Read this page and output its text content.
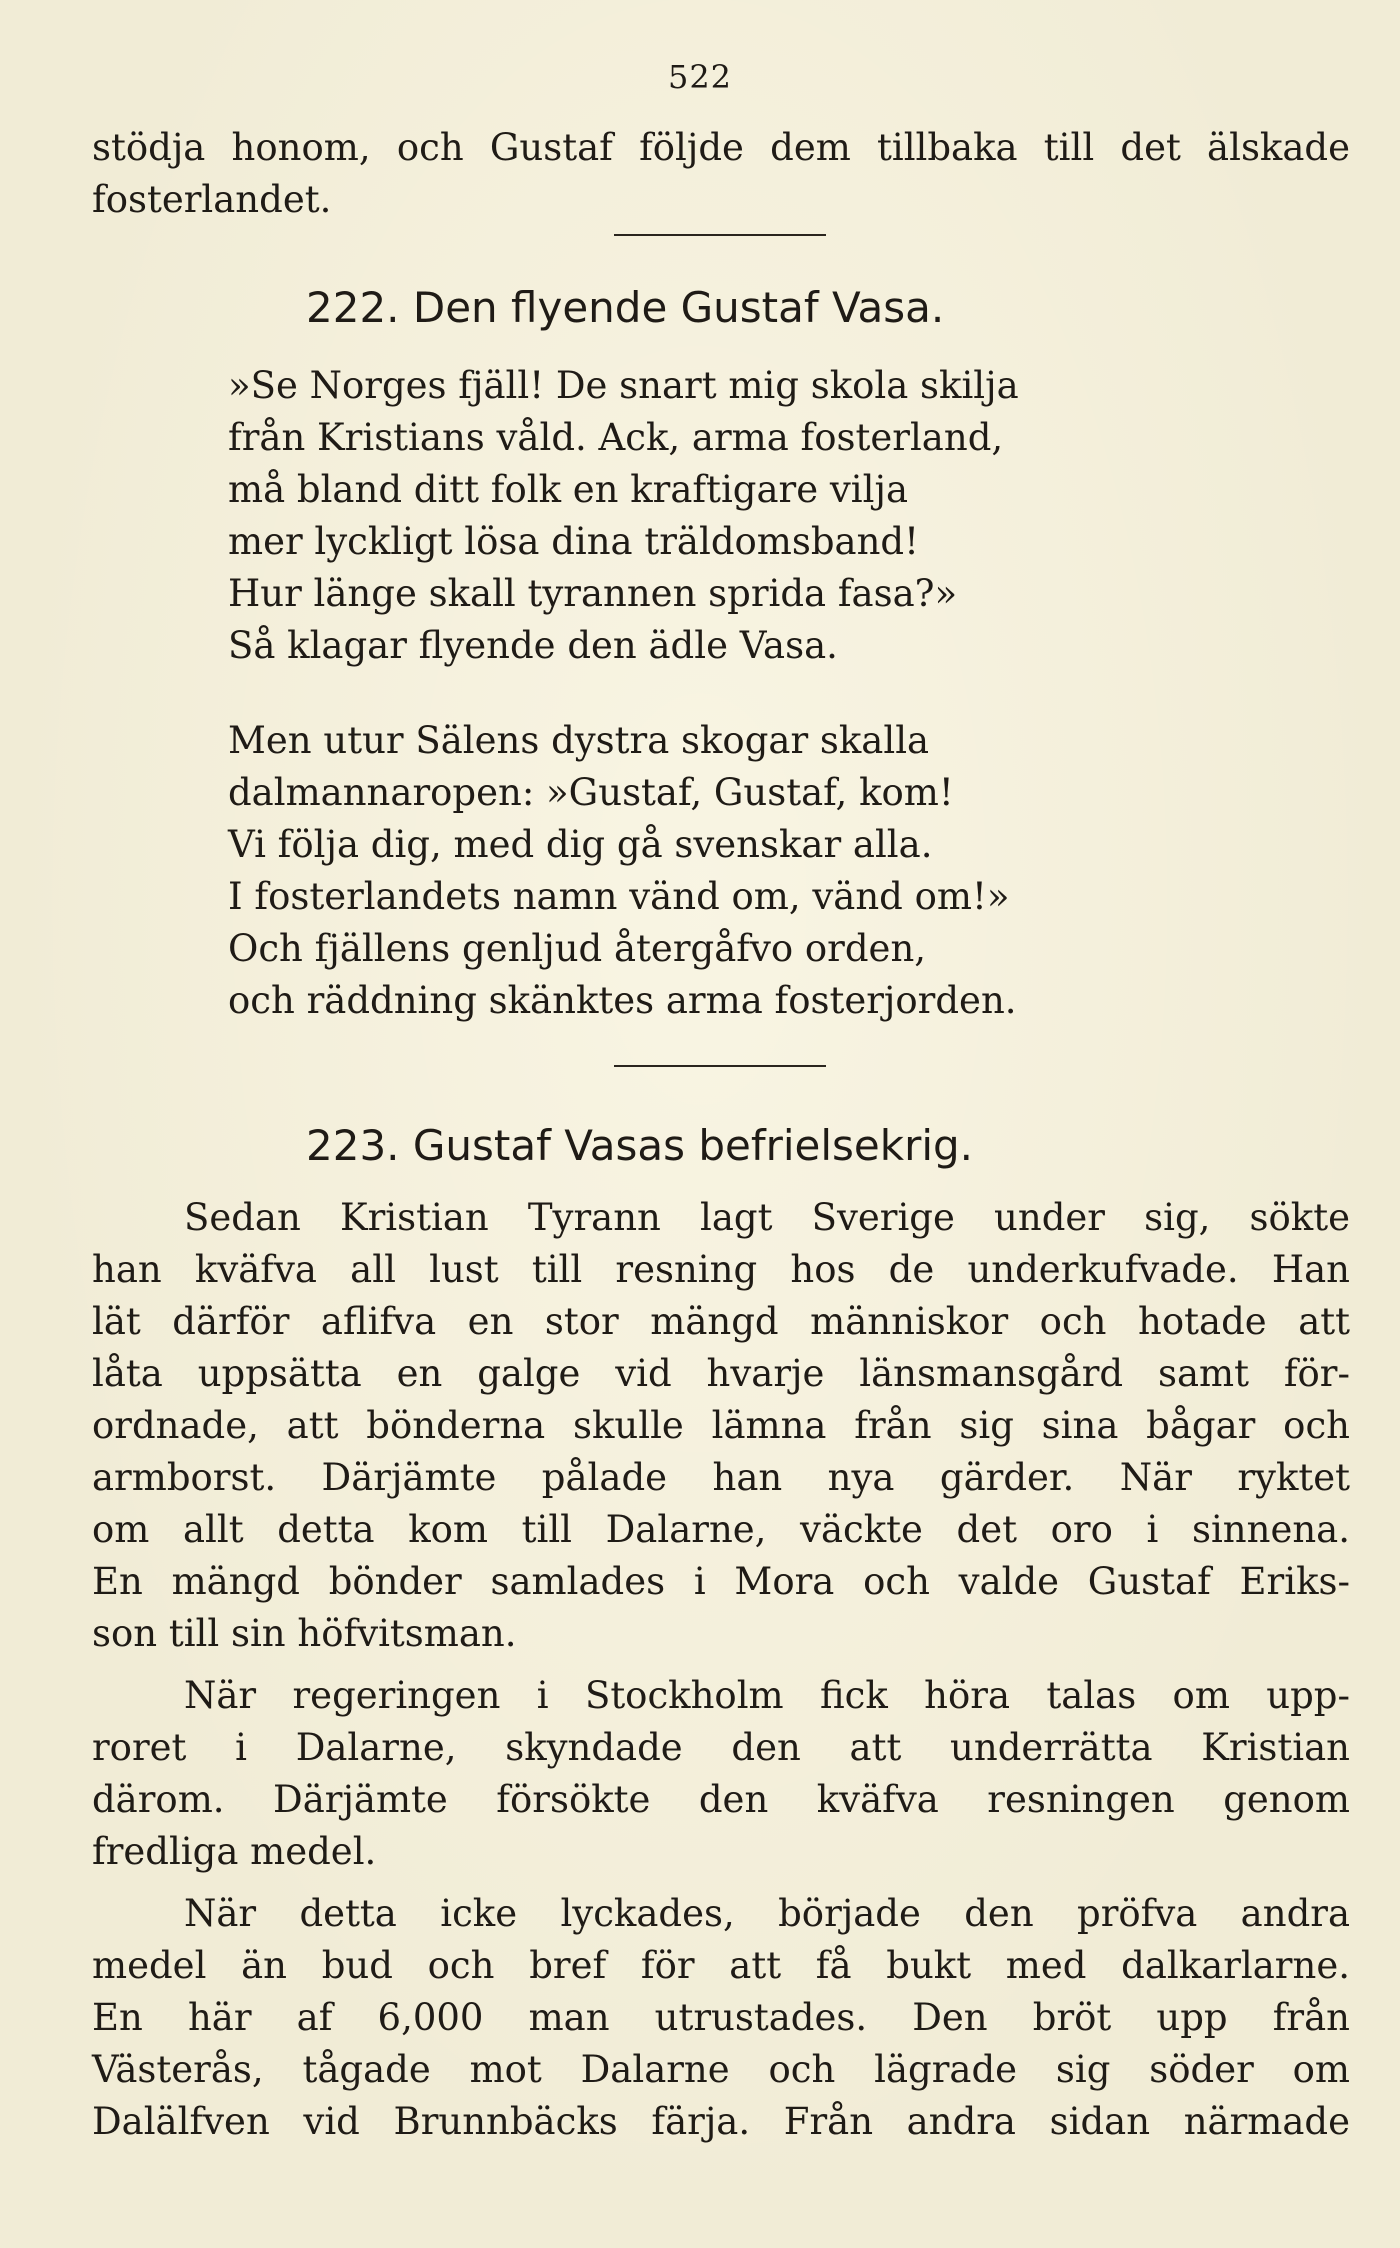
522
stödja honom, och Gustaf följde dem tillbaka till det älskade
fosterlandet.
222. Den flyende Gustaf Vasa.
»Se Norges fjäll! De snart mig skola skilja
från Kristians våld. Ack, arma fosterland,
må bland ditt folk en kraftigare vilja
mer lyckligt lösa dina träldomsband!
Hur länge skall tyrannen sprida fasa?»
Så klagar flyende den ädle Vasa.
Men utur Sälens dystra skogar skalla
dalmannaropen: »Gustaf, Gustaf, kom!
Vi följa dig, med dig gå svenskar alla.
I fosterlandets namn vänd om, vänd om!»
Och fjällens genljud återgåfvo orden,
och räddning skänktes arma fosterjorden.
223. Gustaf Vasas befrielsekrig.
Sedan Kristian Tyrann lagt Sverige under sig, sökte
han kväfva all lust till resning hos de underkufvade. Han
lät därför aflifva en stor mängd människor och hotade att
låta uppsätta en galge vid hvarje länsmansgård samt för-
ordnade, att bönderna skulle lämna från sig sina bågar och
armborst. Därjämte pålade han nya gärder. När ryktet
om allt detta kom till Dalarne, väckte det oro i sinnena.
En mängd bönder samlades i Mora och valde Gustaf Eriks-
son till sin höfvitsman.
När regeringen i Stockholm fick höra talas om upp-
roret i Dalarne, skyndade den att underrätta Kristian
därom. Därjämte försökte den kväfva resningen genom
fredliga medel.
När detta icke lyckades, började den pröfva andra
medel än bud och bref för att få bukt med dalkarlarne.
En här af 6,000 man utrustades. Den bröt upp från
Västerås, tågade mot Dalarne och lägrade sig söder om
Dalälfven vid Brunnbäcks färja. Från andra sidan närmade
